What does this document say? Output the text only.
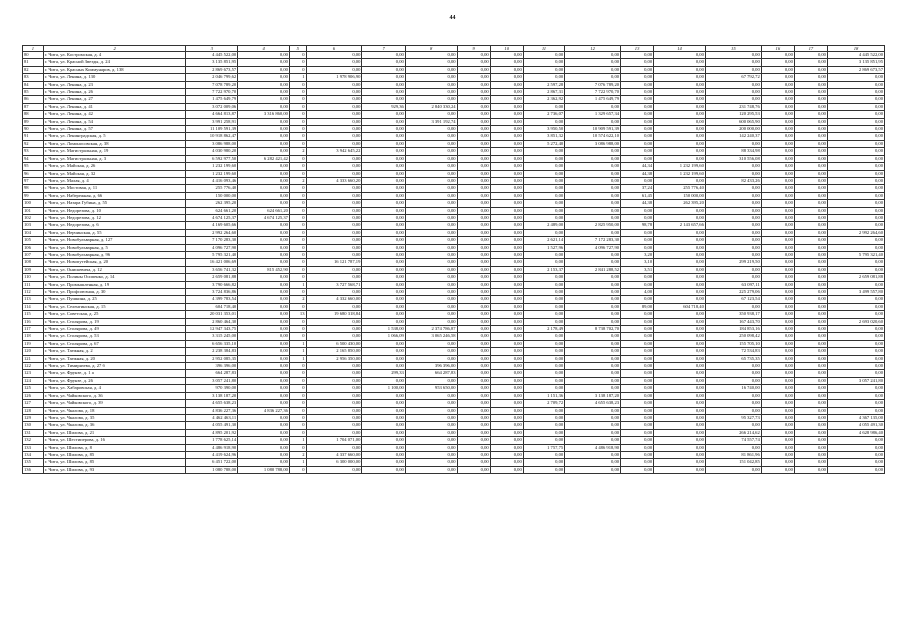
44
1	2	3	4	5	6	7	8	9	10	11	12	13	14	15	16	17	18
80	г. Чита, ул. Костромская, д. 4	4 445 522,00	0,00	0	0,00	0,00	0,00	0,00	0,00	0,00	0,00	0,00	0,00	0,00	0,00	0,00	4 445 522,00
81	г. Чита, ул. Красной Звезды, д. 24	3 135 851,95	0,00	0	0,00	0,00	0,00	0,00	0,00	0,00	0,00	0,00	0,00	0,00	0,00	0,00	3 135 851,95
82	г. Чита, ул. Красных Коммунаров, д. 138	2 869 673,57	0,00	0	0,00	0,00	0,00	0,00	0,00	0,00	0,00	0,00	0,00	0,00	0,00	0,00	2 869 673,57
83	г. Чита, ул. Ленина, д. 130	2 046 799,62	0,00	1	1 978 906,90	0,00	0,00	0,00	0,00	0,00	0,00	0,00	0,00	67 792,72	0,00	0,00	0,00
84	г. Чита, ул. Ленина, д. 23	7 078 789,20	0,00	0	0,00	0,00	0,00	0,00	0,00	2 597,28	7 076 789,20	0,00	0,00	0,00	0,00	0,00	0,00
85	г. Чита, ул. Ленина, д. 26	7 722 970,70	0,00	0	0,00	0,00	0,00	0,00	0,00	2 867,31	7 722 970,70	0,00	0,00	0,00	0,00	0,00	0,00
86	г. Чита, ул. Ленина, д. 27	1 475 649,79	0,00	0	0,00	0,00	0,00	0,00	0,00	2 362,92	1 475 649,79	0,00	0,00	0,00	0,00	0,00	0,00
87	г. Чита, ул. Ленина, д. 41	3 072 009,06	0,00	0	0,00	929,36	2 840 330,24	0,00	0,00	0,00	0,00	0,00	0,00	231 748,76	0,00	0,00	0,00
88	г. Чита, ул. Ленина, д. 42	4 664 813,87	3 316 860,00	0	0,00	0,00	0,00	0,00	0,00	2 736,07	1 329 657,34	0,00	0,00	120 295,53	0,00	0,00	0,00
89	г. Чита, ул. Ленина, д. 54	3 991 258,91	0,00	0	0,00	0,00	3 391 192,74	0,00	0,00	0,00	0,00	0,00	0,00	600 065,90	0,00	0,00	0,00
90	г. Чита, ул. Ленина, д. 57	11 109 591,39	0,00	0	0,00	0,00	0,00	0,00	0,00	3 950,50	10 909 591,39	0,00	0,00	200 000,00	0,00	0,00	0,00
91	г. Чита, ул. Ленинградская, д. 5	10 918 862,47	0,00	0	0,00	0,00	0,00	0,00	0,00	3 851,32	10 574 622,10	0,00	0,00	142 240,37	0,00	0,00	0,00
92	г. Чита, ул. Ломоносовская, д. 38	3 086 988,00	0,00	0	0,00	0,00	0,00	0,00	0,00	5 272,40	3 086 988,00	0,00	0,00	0,00	0,00	0,00	0,00
93	г. Чита, ул. Магистральная, д. 19	4 030 980,20	0,00	2	3 942 645,22	0,00	0,00	0,00	0,00	0,00	0,00	0,00	0,00	88 334,98	0,00	0,00	0,00
94	г. Чита, ул. Магистральная, д. 3	6 592 977,50	6 282 421,42	0	0,00	0,00	0,00	0,00	0,00	0,00	0,00	0,00	0,00	310 556,08	0,00	0,00	0,00
95	г. Чита, ул. Майская, д. 26	1 232 199,60	0,00	0	0,00	0,00	0,00	0,00	0,00	0,00	0,00	44,34	1 232 199,60	0,00	0,00	0,00	0,00
96	г. Чита, ул. Майская, д. 32	1 232 199,60	0,00	0	0,00	0,00	0,00	0,00	0,00	0,00	0,00	44,38	1 232 199,60	0,00	0,00	0,00	0,00
97	г. Чита, ул. Малая, д. 4	4 416 093,46	0,00	2	4 333 660,20	0,00	0,00	0,00	0,00	0,00	0,00	0,00	0,00	82 433,26	0,00	0,00	0,00
98	г. Чита, ул. Мостовая, д. 11	255 776,40	0,00	0	0,00	0,00	0,00	0,00	0,00	0,00	0,00	37,24	255 776,40	0,00	0,00	0,00	0,00
99	г. Чита, ул. Набережная, д. 66	150 000,00	0,00	0	0,00	0,00	0,00	0,00	0,00	0,00	0,00	61,45	150 000,00	0,00	0,00	0,00	0,00
100	г. Чита, ул. Назара Губина, д. 55	262 395,20	0,00	0	0,00	0,00	0,00	0,00	0,00	0,00	0,00	44,38	262 395,20	0,00	0,00	0,00	0,00
101	г. Чита, ул. Недорезова, д. 10	624 661,20	624 661,20	0	0,00	0,00	0,00	0,00	0,00	0,00	0,00	0,00	0,00	0,00	0,00	0,00	0,00
102	г. Чита, ул. Недорезова, д. 12	4 674 125,37	4 674 125,37	0	0,00	0,00	0,00	0,00	0,00	0,00	0,00	0,00	0,00	0,00	0,00	0,00	0,00
103	г. Чита, ул. Недорезова, д. 6	4 169 605,66	0,00	0	0,00	0,00	0,00	0,00	0,00	2 489,00	2 825 950,00	98,78	2 143 657,66	0,00	0,00	0,00	0,00
104	г. Чита, ул. Нерчинская, д. 55	2 992 264,60	0,00	0	0,00	0,00	0,00	0,00	0,00	0,00	0,00	0,00	0,00	0,00	0,00	0,00	2 992 264,60
105	г. Чита, ул. Новобульварная, д. 127	7 170 283,30	0,00	0	0,00	0,00	0,00	0,00	0,00	2 621,14	7 172 283,30	0,00	0,00	0,00	0,00	0,00	0,00
106	г. Чита, ул. Новобульварная, д. 5	4 096 727,90	0,00	0	0,00	0,00	0,00	0,00	0,00	1 527,96	4 096 727,90	0,00	0,00	0,00	0,00	0,00	0,00
107	г. Чита, ул. Новобульварная, д. 96	5 795 321,40	0,00	0	0,00	0,00	0,00	0,00	0,00	0,00	0,00	3,20	0,00	0,00	0,00	0,00	5 795 321,40
108	г. Чита, ул. Новопутейская, д. 20	16 421 006,69	0,00	0	16 121 787,19	0,00	0,00	0,00	0,00	0,00	0,00	3,10	0,00	299 219,50	0,00	0,00	0,00
109	г. Чита, ул. Онискевича, д. 12	3 656 741,32	815 452,90	0	0,00	0,00	0,00	0,00	0,00	2 153,37	2 841 288,52	3,51	0,00	0,00	0,00	0,00	0,00
110	г. Чита, ул. Полины Осипенко, д. 14	2 659 081,88	0,00	0	0,00	0,00	0,00	0,00	0,00	0,00	0,00	0,00	0,00	0,00	0,00	0,00	2 659 081,88
111	г. Чита, ул. Промышленная, д. 19	3 790 666,82	0,00	1	3 727 568,71	0,00	0,00	0,00	0,00	0,00	0,00	0,00	0,00	63 097,11	0,00	0,00	0,00
112	г. Чита, ул. Профсоюзная, д. 30	3 724 836,86	0,00	0	0,00	0,00	0,00	0,00	0,00	0,00	0,00	4,00	0,00	225 279,06	0,00	0,00	3 499 557,80
113	г. Чита, ул. Пушкина, д. 25	4 399 783,54	0,00	2	4 332 660,00	0,00	0,00	0,00	0,00	0,00	0,00	0,00	0,00	67 123,54	0,00	0,00	0,00
114	г. Чита, ул. Селенгинская, д. 15	604 718,40	0,00	0	0,00	0,00	0,00	0,00	0,00	0,00	0,00	89,00	604 718,40	0,00	0,00	0,00	0,00
115	г. Чита, ул. Советская, д. 25	20 031 353,01	0,00	13	19 680 318,84	0,00	0,00	0,00	0,00	0,00	0,00	0,00	0,00	350 938,17	0,00	0,00	0,00
116	г. Чита, ул. Столярова, д. 19	2 860 464,30	0,00	0	0,00	0,00	0,00	0,00	0,00	0,00	0,00	0,00	0,00	167 443,70	0,00	0,00	2 693 020,60
117	г. Чита, ул. Столярова, д. 49	12 947 343,75	0,00	0	0,00	1 538,00	2 374 786,87	0,00	0,00	2 178,49	8 738 702,70	0,00	0,00	184 853,16	0,00	0,00	0,00
118	г. Чита, ул. Столярова, д. 53	3 315 245,00	0,00	0	0,00	1 066,09	3 065 246,58	0,00	0,00	0,00	0,00	0,00	0,00	250 098,42	0,00	0,00	0,00
119	г. Чита, ул. Столярова, д. 67	6 656 335,10	0,00	1	6 500 430,00	0,00	0,00	0,00	0,00	0,00	0,00	0,00	0,00	155 705,10	0,00	0,00	0,00
120	г. Чита, ул. Таежная, д. 2	2 238 384,83	0,00	1	2 165 850,00	0,00	0,00	0,00	0,00	0,00	0,00	0,00	0,00	72 534,83	0,00	0,00	0,00
121	г. Чита, ул. Таежная, д. 20	2 952 085,35	0,00	1	2 956 350,00	0,00	0,00	0,00	0,00	0,00	0,00	0,00	0,00	65 735,35	0,00	0,00	0,00
122	г. Чита, ул. Тимирязева, д. 27 б	396 396,00	0,00	0	0,00	0,00	396 396,00	0,00	0,00	0,00	0,00	0,00	0,00	0,00	0,00	0,00	0,00
123	г. Чита, ул. Фрунзе, д. 1 а	664 287,83	0,00	0	0,00	299,33	664 287,83	0,00	0,00	0,00	0,00	0,00	0,00	0,00	0,00	0,00	0,00
124	г. Чита, ул. Фрунзе, д. 26	3 057 241,80	0,00	0	0,00	0,00	0,00	0,00	0,00	0,00	0,00	0,00	0,00	0,00	0,00	0,00	3 057 241,80
125	г. Чита, ул. Хабаровская, д. 4	970 390,00	0,00	0	0,00	1 100,00	953 650,00	0,00	0,00	0,00	0,00	0,00	0,00	16 740,00	0,00	0,00	0,00
126	г. Чита, ул. Чайковского, д. 36	3 138 187,20	0,00	0	0,00	0,00	0,00	0,00	0,00	1 151,36	3 138 187,20	0,00	0,00	0,00	0,00	0,00	0,00
127	г. Чита, ул. Чайковского, д. 39	4 655 638,23	0,00	0	0,00	0,00	0,00	0,00	0,00	2 709,72	4 655 638,23	0,00	0,00	0,00	0,00	0,00	0,00
128	г. Чита, ул. Чкалова, д. 18	4 836 227,36	4 836 227,36	0	0,00	0,00	0,00	0,00	0,00	0,00	0,00	0,00	0,00	0,00	0,00	0,00	0,00
129	г. Чита, ул. Чкалова, д. 35	4 462 463,11	0,00	0	0,00	0,00	0,00	0,00	0,00	0,00	0,00	0,00	0,00	95 327,73	0,00	0,00	4 367 135,00
130	г. Чита, ул. Чкалова, д. 36	4 055 491,30	0,00	0	0,00	0,00	0,00	0,00	0,00	0,00	0,00	0,00	0,00	0,00	0,00	0,00	4 055 491,30
131	г. Чита, ул. Шилова, д. 21	4 895 201,92	0,00	0	0,00	0,00	0,00	0,00	0,00	0,00	0,00	0,00	0,00	266 214,62	0,00	0,00	4 628 986,40
132	г. Чита, ул. Шестиперова, д. 16	1 778 625,14	0,00	1	1 704 071,00	0,00	0,00	0,00	0,00	0,00	0,00	0,00	0,00	74 557,74	0,00	0,00	0,00
133	г. Чита, ул. Шилова, д. 8	4 486 918,90	0,00	0	0,00	0,00	0,00	0,00	0,00	1 757,75	4 486 918,90	0,00	0,00	0,00	0,00	0,00	0,00
134	г. Чита, ул. Шилова, д. 85	4 419 624,96	0,00	2	4 337 660,00	0,00	0,00	0,00	0,00	0,00	0,00	0,00	0,00	81 861,96	0,00	0,00	0,00
135	г. Чита, ул. Шилова, д. 85	6 451 722,00	0,00	1	6 300 000,00	0,00	0,00	0,00	0,00	0,00	0,00	0,00	0,00	151 042,85	0,00	0,00	0,00
136	г. Чита, ул. Шилова, д. 93	1 080 788,00	1 080 788,00	0	0,00	0,00	0,00	0,00	0,00	0,00	0,00	0,00	0,00	0,00	0,00	0,00	0,00
